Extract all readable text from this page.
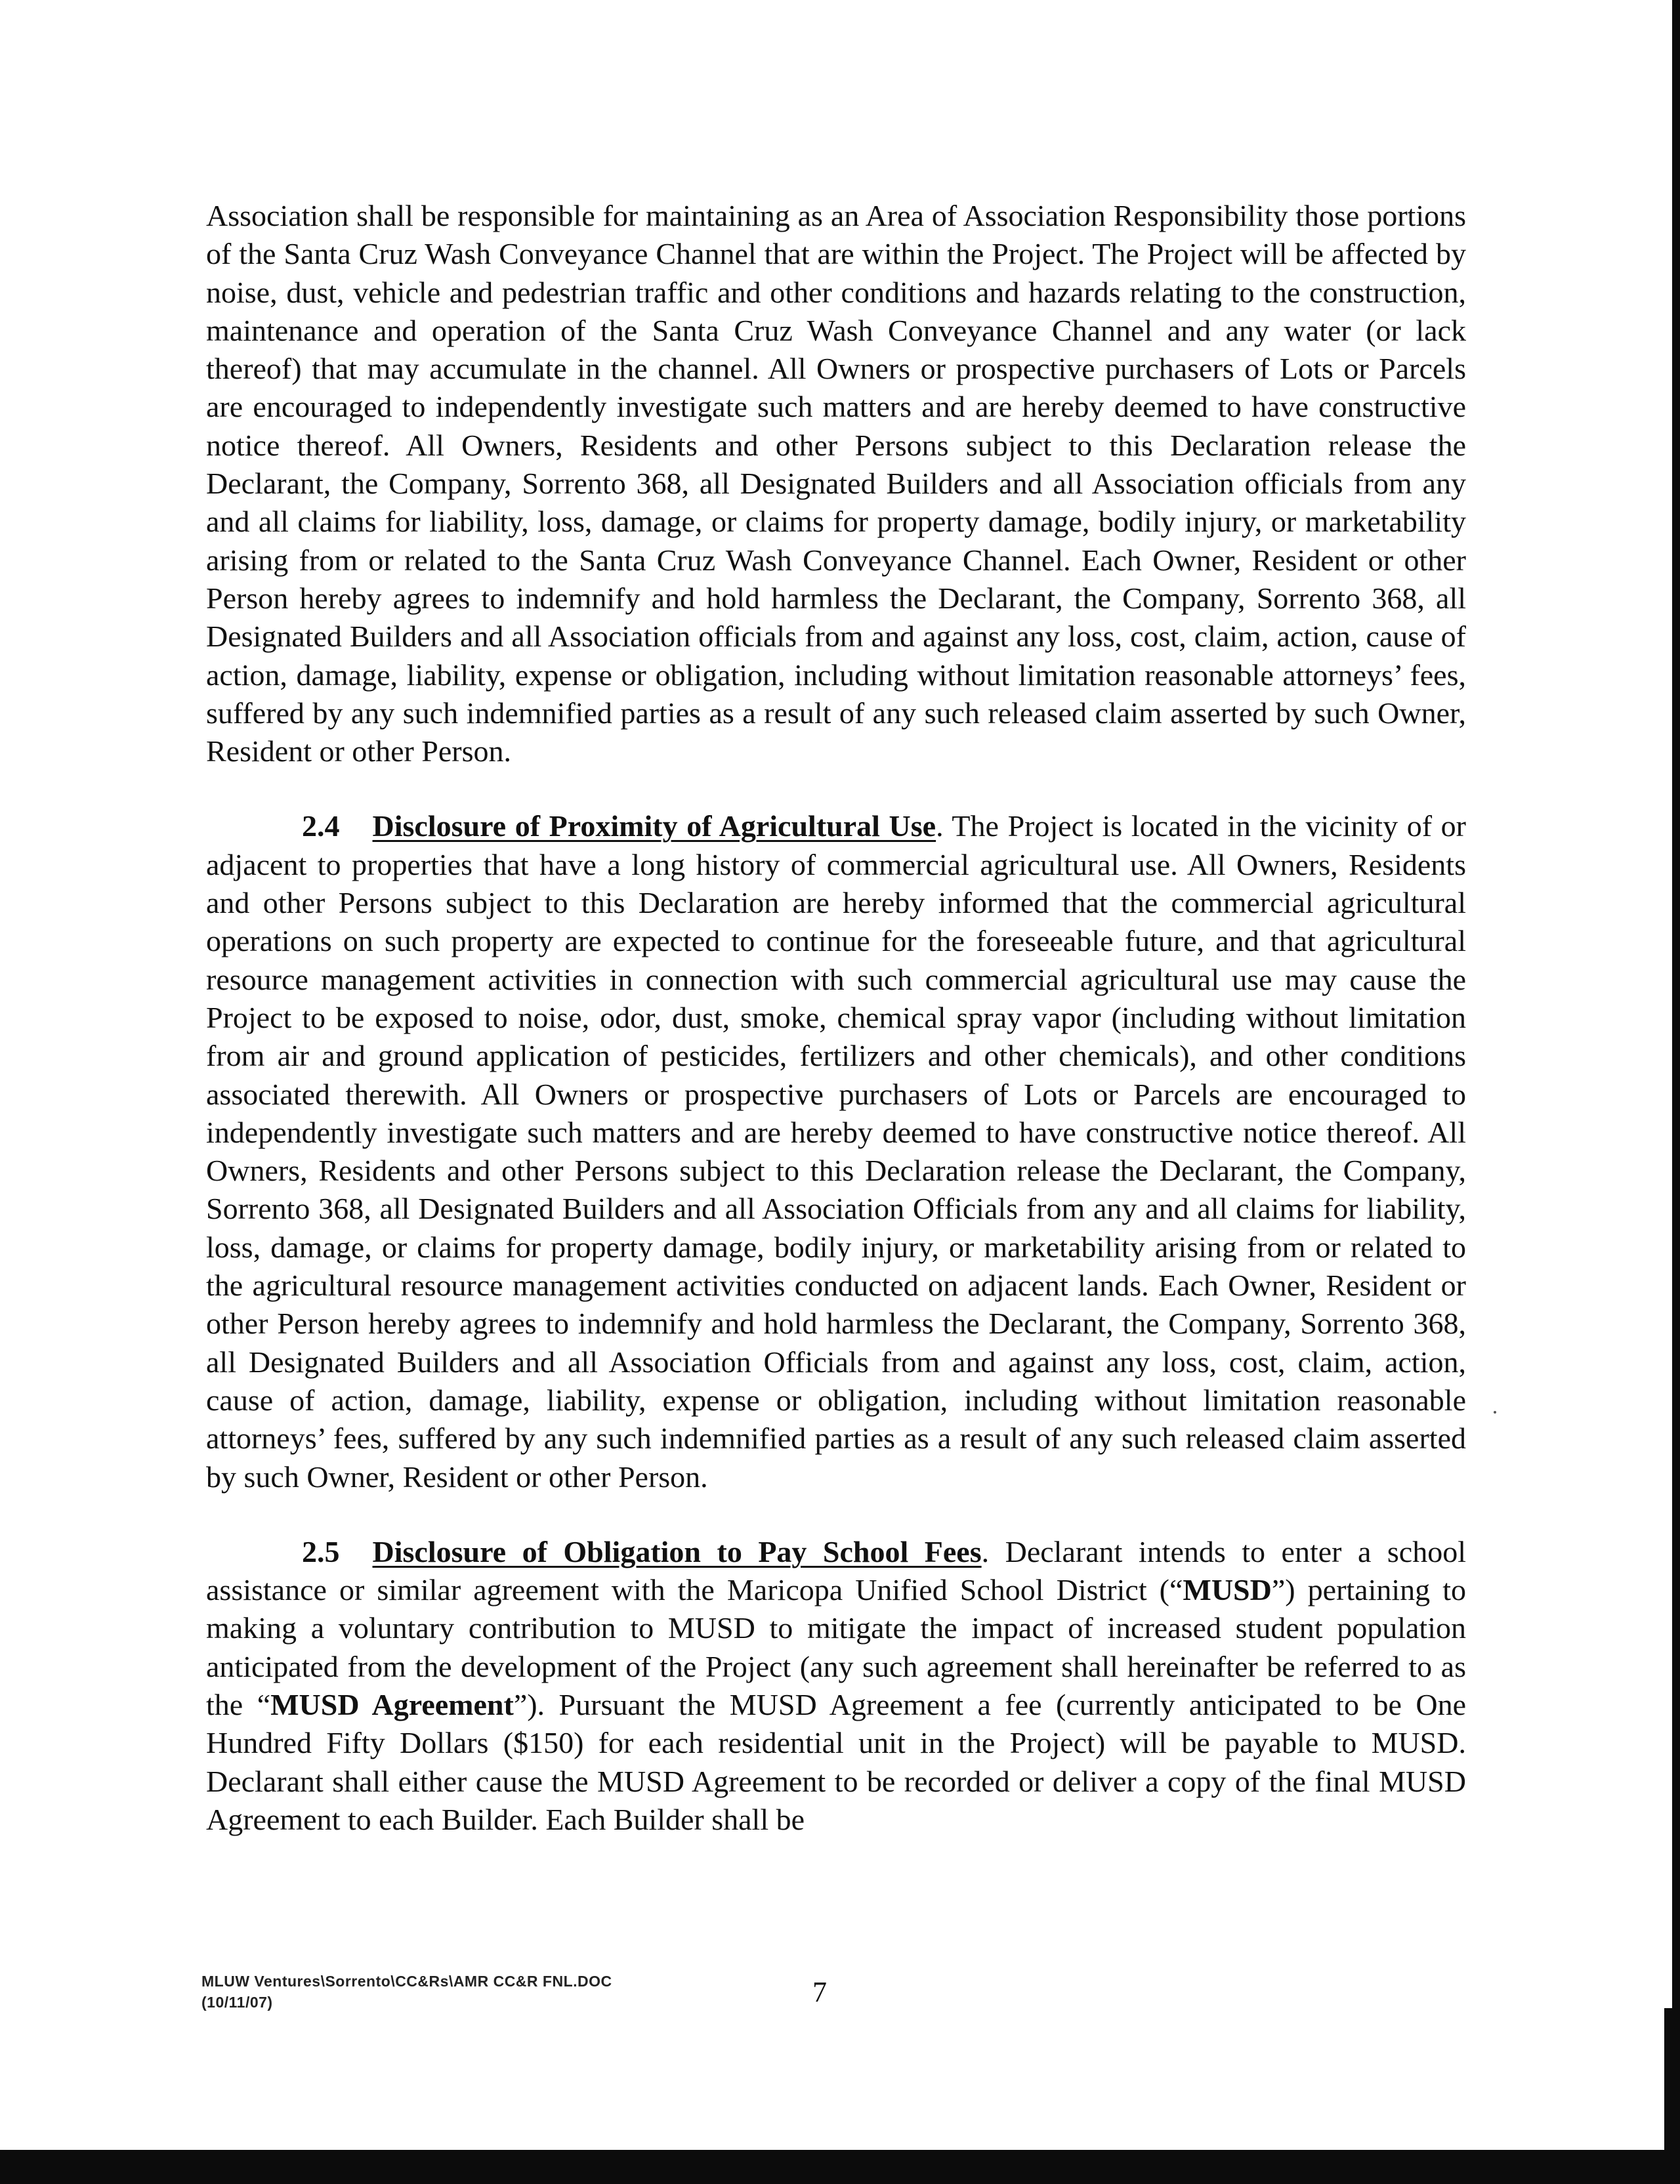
Association shall be responsible for maintaining as an Area of Association Responsibility those portions of the Santa Cruz Wash Conveyance Channel that are within the Project. The Project will be affected by noise, dust, vehicle and pedestrian traffic and other conditions and hazards relating to the construction, maintenance and operation of the Santa Cruz Wash Conveyance Channel and any water (or lack thereof) that may accumulate in the channel. All Owners or prospective purchasers of Lots or Parcels are encouraged to independently investigate such matters and are hereby deemed to have constructive notice thereof. All Owners, Residents and other Persons subject to this Declaration release the Declarant, the Company, Sorrento 368, all Designated Builders and all Association officials from any and all claims for liability, loss, damage, or claims for property damage, bodily injury, or marketability arising from or related to the Santa Cruz Wash Conveyance Channel. Each Owner, Resident or other Person hereby agrees to indemnify and hold harmless the Declarant, the Company, Sorrento 368, all Designated Builders and all Association officials from and against any loss, cost, claim, action, cause of action, damage, liability, expense or obligation, including without limitation reasonable attorneys’ fees, suffered by any such indemnified parties as a result of any such released claim asserted by such Owner, Resident or other Person.

2.4 Disclosure of Proximity of Agricultural Use. The Project is located in the vicinity of or adjacent to properties that have a long history of commercial agricultural use. All Owners, Residents and other Persons subject to this Declaration are hereby informed that the commercial agricultural operations on such property are expected to continue for the foreseeable future, and that agricultural resource management activities in connection with such commercial agricultural use may cause the Project to be exposed to noise, odor, dust, smoke, chemical spray vapor (including without limitation from air and ground application of pesticides, fertilizers and other chemicals), and other conditions associated therewith. All Owners or prospective purchasers of Lots or Parcels are encouraged to independently investigate such matters and are hereby deemed to have constructive notice thereof. All Owners, Residents and other Persons subject to this Declaration release the Declarant, the Company, Sorrento 368, all Designated Builders and all Association Officials from any and all claims for liability, loss, damage, or claims for property damage, bodily injury, or marketability arising from or related to the agricultural resource management activities conducted on adjacent lands. Each Owner, Resident or other Person hereby agrees to indemnify and hold harmless the Declarant, the Company, Sorrento 368, all Designated Builders and all Association Officials from and against any loss, cost, claim, action, cause of action, damage, liability, expense or obligation, including without limitation reasonable attorneys’ fees, suffered by any such indemnified parties as a result of any such released claim asserted by such Owner, Resident or other Person.

2.5 Disclosure of Obligation to Pay School Fees. Declarant intends to enter a school assistance or similar agreement with the Maricopa Unified School District (“MUSD”) pertaining to making a voluntary contribution to MUSD to mitigate the impact of increased student population anticipated from the development of the Project (any such agreement shall hereinafter be referred to as the “MUSD Agreement”). Pursuant the MUSD Agreement a fee (currently anticipated to be One Hundred Fifty Dollars ($150) for each residential unit in the Project) will be payable to MUSD. Declarant shall either cause the MUSD Agreement to be recorded or deliver a copy of the final MUSD Agreement to each Builder. Each Builder shall be

MLUW Ventures\Sorrento\CC&Rs\AMR CC&R FNL.DOC
(10/11/07)	7
